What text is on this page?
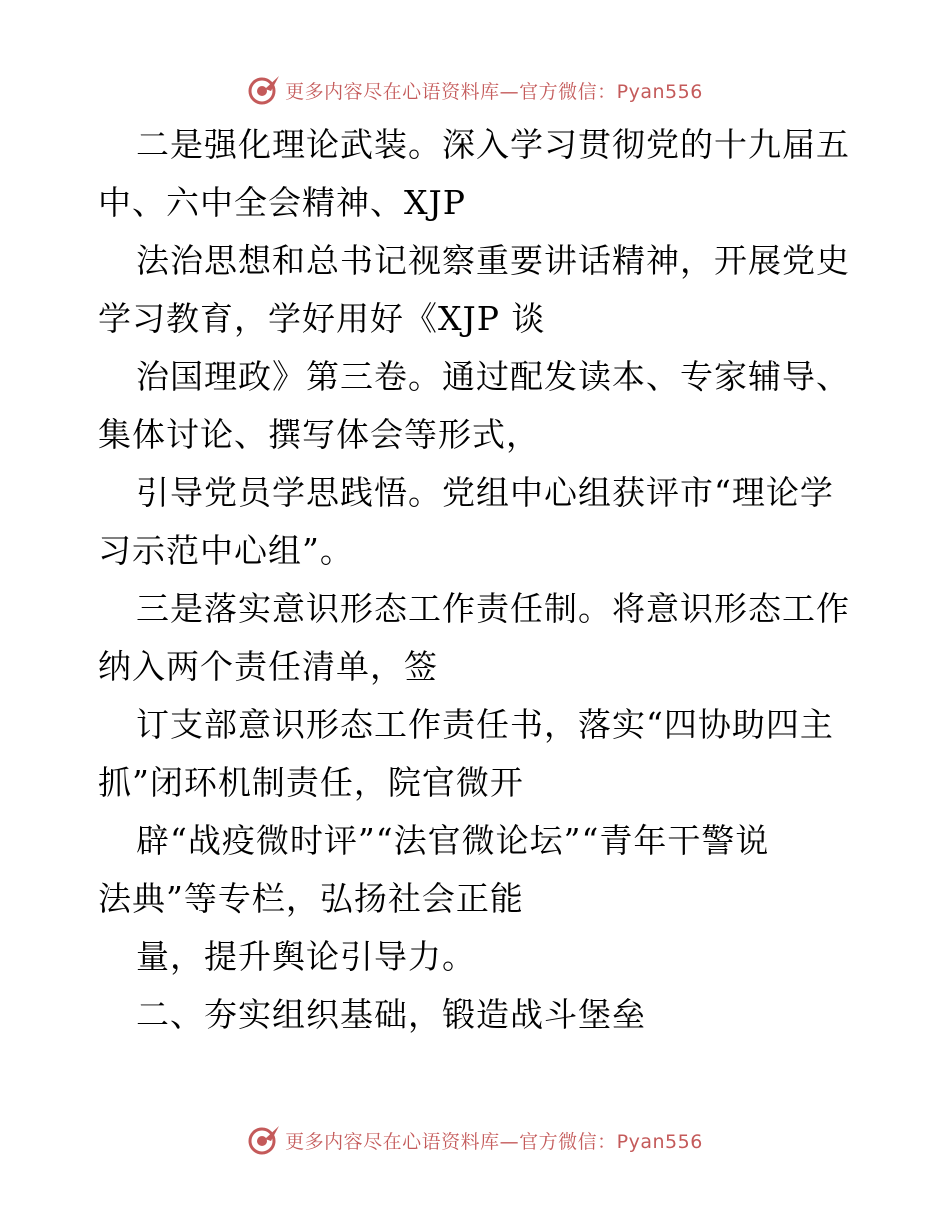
更多内容尽在心语资料库—官方微信：Pyan556
二是强化理论武装。深入学习贯彻党的十九届五
中、六中全会精神、XJP
法治思想和总书记视察重要讲话精神，开展党史
学习教育，学好用好《XJP 谈
治国理政》第三卷。通过配发读本、专家辅导、
集体讨论、撰写体会等形式，
引导党员学思践悟。党组中心组获评市“理论学
习示范中心组”。
三是落实意识形态工作责任制。将意识形态工作
纳入两个责任清单，签
订支部意识形态工作责任书，落实“四协助四主
抓”闭环机制责任，院官微开
辟“战疫微时评”“法官微论坛”“青年干警说
法典”等专栏，弘扬社会正能
量，提升舆论引导力。
二、夯实组织基础，锻造战斗堡垒
更多内容尽在心语资料库—官方微信：Pyan556
